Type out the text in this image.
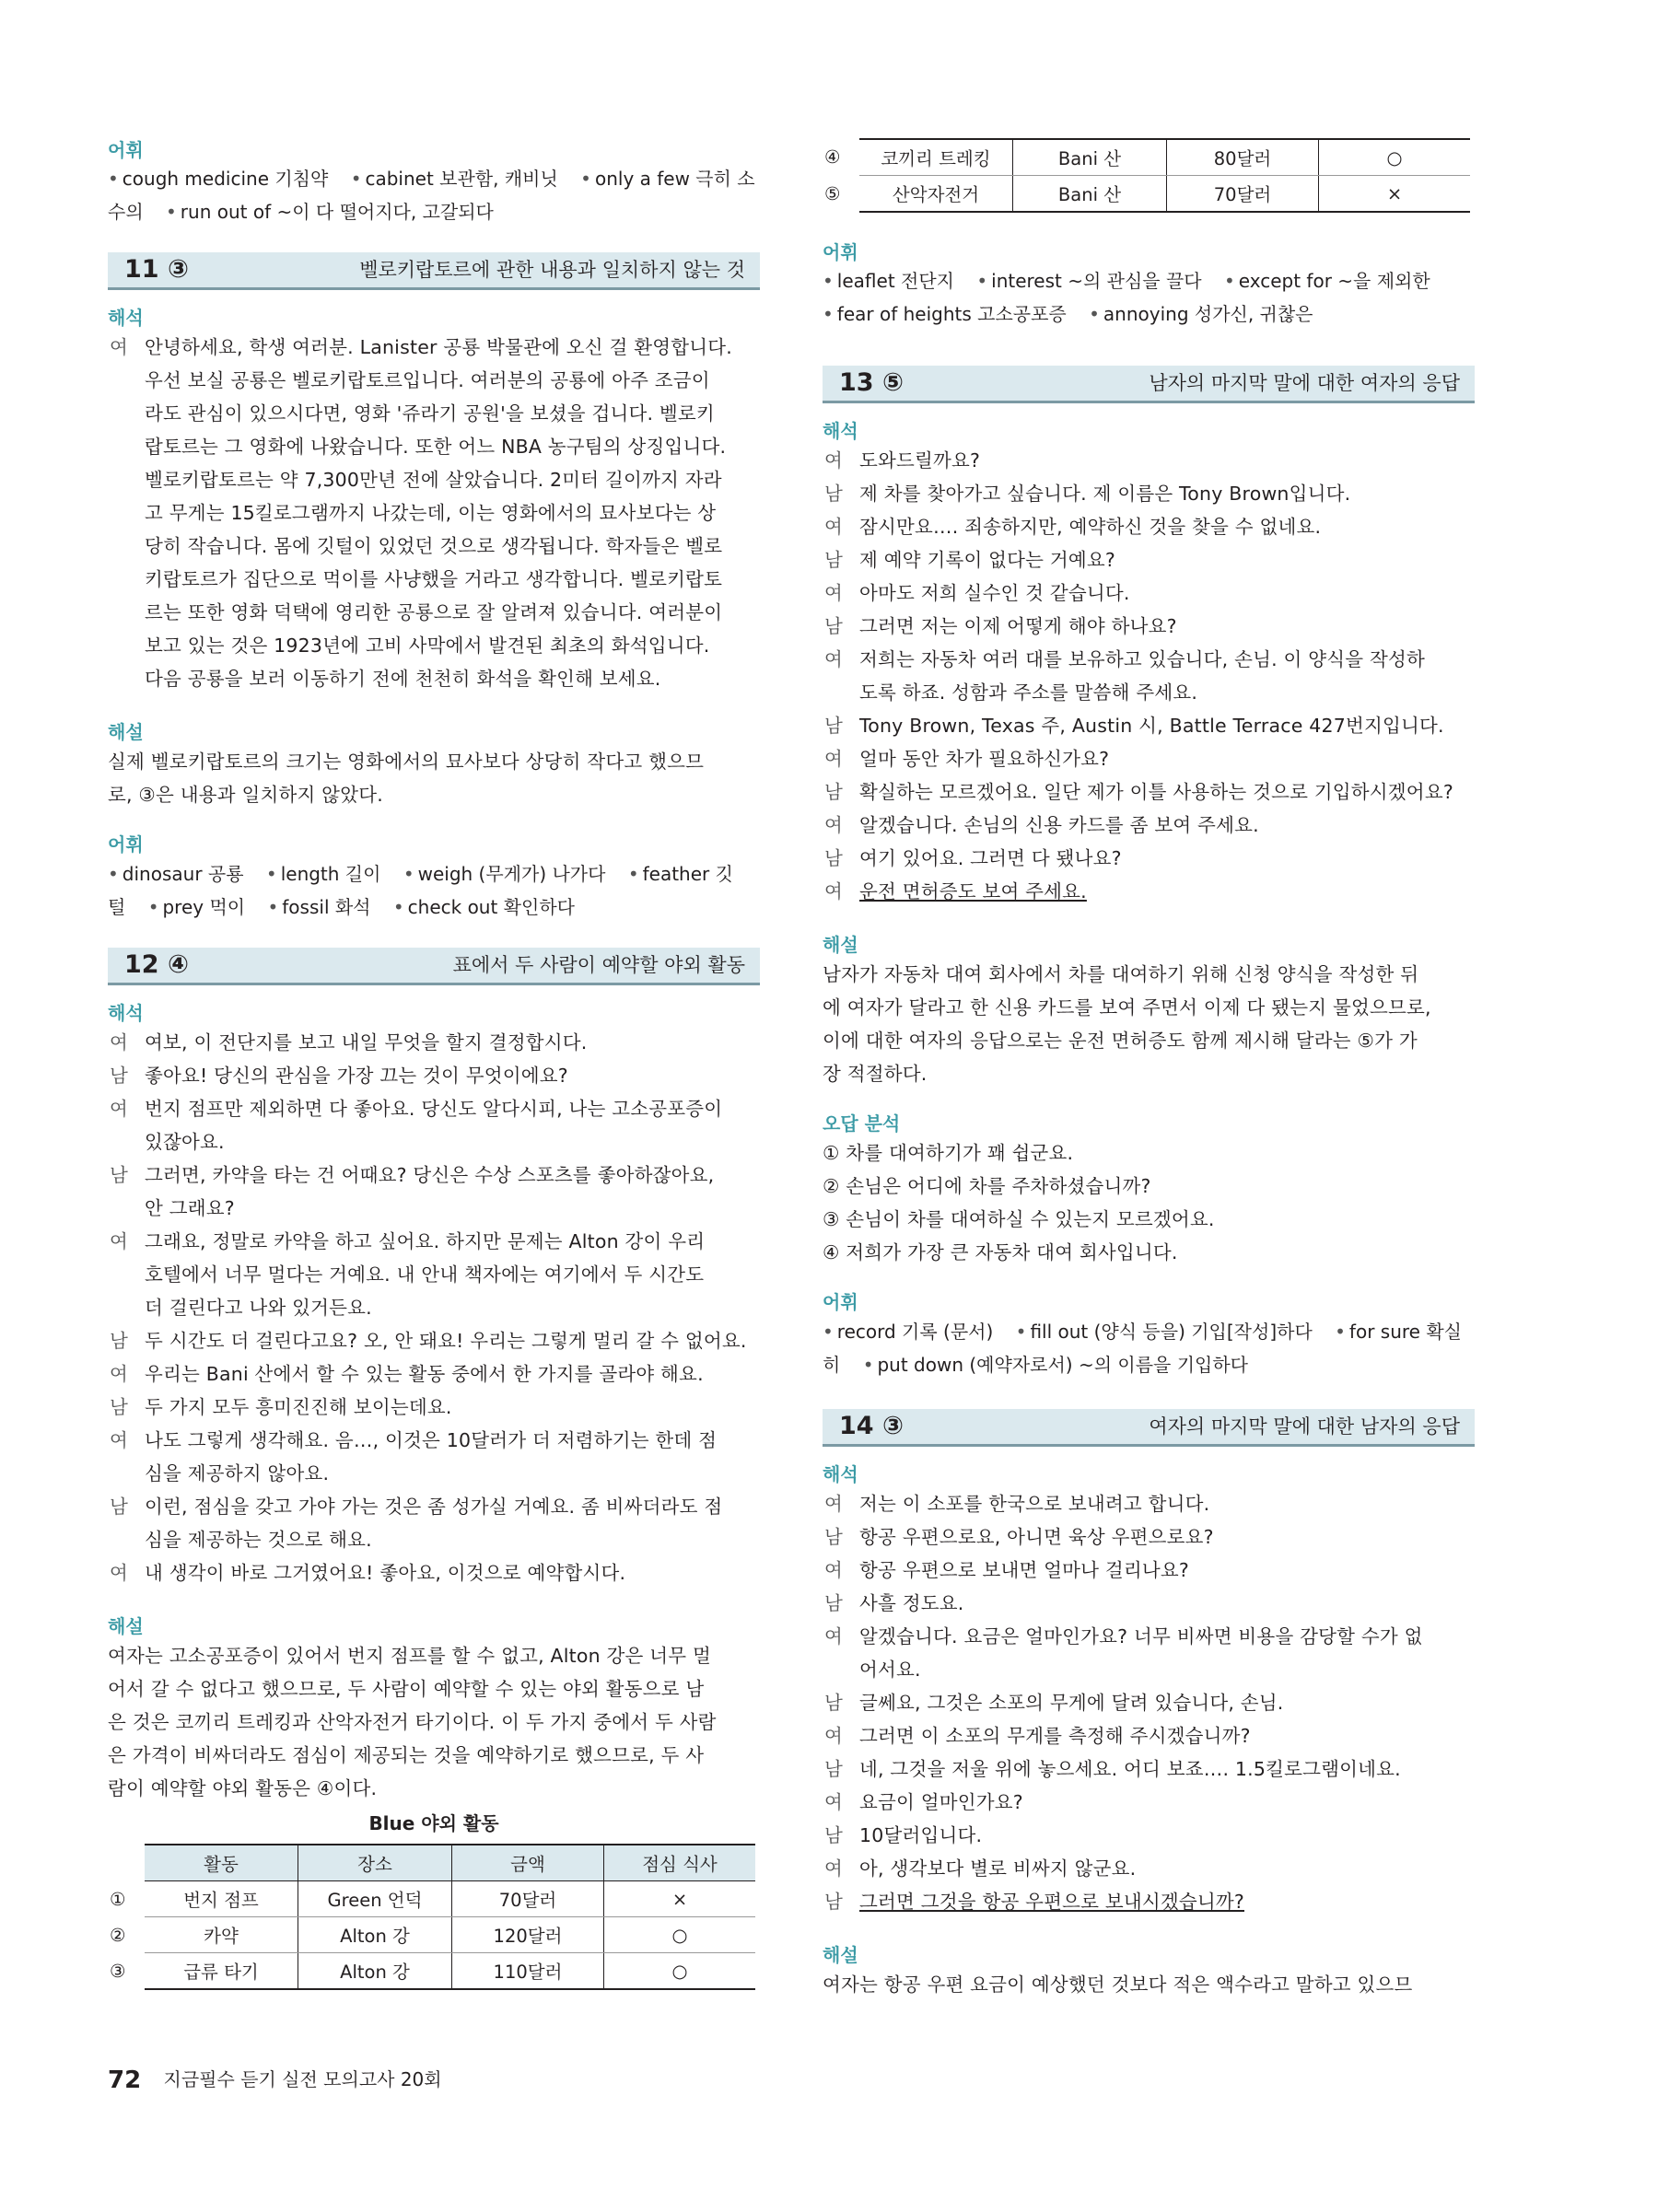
어휘
• cough medicine 기침약 • cabinet 보관함, 캐비닛 • only a few 극히 소수의 • run out of ~이 다 떨어지다, 고갈되다
11 ③	벨로키랍토르에 관한 내용과 일치하지 않는 것
해석
여 안녕하세요, 학생 여러분. Lanister 공룡 박물관에 오신 걸 환영합니다.
우선 보실 공룡은 벨로키랍토르입니다. 여러분의 공룡에 아주 조금이
라도 관심이 있으시다면, 영화 '쥬라기 공원'을 보셨을 겁니다. 벨로키
랍토르는 그 영화에 나왔습니다. 또한 어느 NBA 농구팀의 상징입니다.
벨로키랍토르는 약 7,300만년 전에 살았습니다. 2미터 길이까지 자라
고 무게는 15킬로그램까지 나갔는데, 이는 영화에서의 묘사보다는 상
당히 작습니다. 몸에 깃털이 있었던 것으로 생각됩니다. 학자들은 벨로
키랍토르가 집단으로 먹이를 사냥했을 거라고 생각합니다. 벨로키랍토
르는 또한 영화 덕택에 영리한 공룡으로 잘 알려져 있습니다. 여러분이
보고 있는 것은 1923년에 고비 사막에서 발견된 최초의 화석입니다.
다음 공룡을 보러 이동하기 전에 천천히 화석을 확인해 보세요.
해설
실제 벨로키랍토르의 크기는 영화에서의 묘사보다 상당히 작다고 했으므
로, ③은 내용과 일치하지 않았다.
어휘
• dinosaur 공룡 • length 길이 • weigh (무게가) 나가다 • feather 깃털 • prey 먹이 • fossil 화석 • check out 확인하다
12 ④	표에서 두 사람이 예약할 야외 활동
해석
여 여보, 이 전단지를 보고 내일 무엇을 할지 결정합시다.
남 좋아요! 당신의 관심을 가장 끄는 것이 무엇이에요?
여 번지 점프만 제외하면 다 좋아요. 당신도 알다시피, 나는 고소공포증이
있잖아요.
남 그러면, 카약을 타는 건 어때요? 당신은 수상 스포츠를 좋아하잖아요,
안 그래요?
여 그래요, 정말로 카약을 하고 싶어요. 하지만 문제는 Alton 강이 우리
호텔에서 너무 멀다는 거예요. 내 안내 책자에는 여기에서 두 시간도
더 걸린다고 나와 있거든요.
남 두 시간도 더 걸린다고요? 오, 안 돼요! 우리는 그렇게 멀리 갈 수 없어요.
여 우리는 Bani 산에서 할 수 있는 활동 중에서 한 가지를 골라야 해요.
남 두 가지 모두 흥미진진해 보이는데요.
여 나도 그렇게 생각해요. 음…, 이것은 10달러가 더 저렴하기는 한데 점
심을 제공하지 않아요.
남 이런, 점심을 갖고 가야 가는 것은 좀 성가실 거예요. 좀 비싸더라도 점
심을 제공하는 것으로 해요.
여 내 생각이 바로 그거였어요! 좋아요, 이것으로 예약합시다.
해설
여자는 고소공포증이 있어서 번지 점프를 할 수 없고, Alton 강은 너무 멀
어서 갈 수 없다고 했으므로, 두 사람이 예약할 수 있는 야외 활동으로 남
은 것은 코끼리 트레킹과 산악자전거 타기이다. 이 두 가지 중에서 두 사람
은 가격이 비싸더라도 점심이 제공되는 것을 예약하기로 했으므로, 두 사
람이 예약할 야외 활동은 ④이다.
Blue 야외 활동
	활동	장소	금액	점심 식사
①	번지 점프	Green 언덕	70달러	×
②	카약	Alton 강	120달러	○
③	급류 타기	Alton 강	110달러	○
④	코끼리 트레킹	Bani 산	80달러	○
⑤	산악자전거	Bani 산	70달러	×
어휘
• leaflet 전단지 • interest ~의 관심을 끌다 • except for ~을 제외한 • fear of heights 고소공포증 • annoying 성가신, 귀찮은
13 ⑤	남자의 마지막 말에 대한 여자의 응답
해석
여 도와드릴까요?
남 제 차를 찾아가고 싶습니다. 제 이름은 Tony Brown입니다.
여 잠시만요…. 죄송하지만, 예약하신 것을 찾을 수 없네요.
남 제 예약 기록이 없다는 거예요?
여 아마도 저희 실수인 것 같습니다.
남 그러면 저는 이제 어떻게 해야 하나요?
여 저희는 자동차 여러 대를 보유하고 있습니다, 손님. 이 양식을 작성하
도록 하죠. 성함과 주소를 말씀해 주세요.
남 Tony Brown, Texas 주, Austin 시, Battle Terrace 427번지입니다.
여 얼마 동안 차가 필요하신가요?
남 확실하는 모르겠어요. 일단 제가 이틀 사용하는 것으로 기입하시겠어요?
여 알겠습니다. 손님의 신용 카드를 좀 보여 주세요.
남 여기 있어요. 그러면 다 됐나요?
여 운전 면허증도 보여 주세요.
해설
남자가 자동차 대여 회사에서 차를 대여하기 위해 신청 양식을 작성한 뒤
에 여자가 달라고 한 신용 카드를 보여 주면서 이제 다 됐는지 물었으므로,
이에 대한 여자의 응답으로는 운전 면허증도 함께 제시해 달라는 ⑤가 가
장 적절하다.
오답 분석
① 차를 대여하기가 꽤 쉽군요.
② 손님은 어디에 차를 주차하셨습니까?
③ 손님이 차를 대여하실 수 있는지 모르겠어요.
④ 저희가 가장 큰 자동차 대여 회사입니다.
어휘
• record 기록 (문서) • fill out (양식 등을) 기입[작성]하다 • for sure 확실히 • put down (예약자로서) ~의 이름을 기입하다
14 ③	여자의 마지막 말에 대한 남자의 응답
해석
여 저는 이 소포를 한국으로 보내려고 합니다.
남 항공 우편으로요, 아니면 육상 우편으로요?
여 항공 우편으로 보내면 얼마나 걸리나요?
남 사흘 정도요.
여 알겠습니다. 요금은 얼마인가요? 너무 비싸면 비용을 감당할 수가 없
어서요.
남 글쎄요, 그것은 소포의 무게에 달려 있습니다, 손님.
여 그러면 이 소포의 무게를 측정해 주시겠습니까?
남 네, 그것을 저울 위에 놓으세요. 어디 보죠…. 1.5킬로그램이네요.
여 요금이 얼마인가요?
남 10달러입니다.
여 아, 생각보다 별로 비싸지 않군요.
남 그러면 그것을 항공 우편으로 보내시겠습니까?
해설
여자는 항공 우편 요금이 예상했던 것보다 적은 액수라고 말하고 있으므
72 지금필수 듣기 실전 모의고사 20회
